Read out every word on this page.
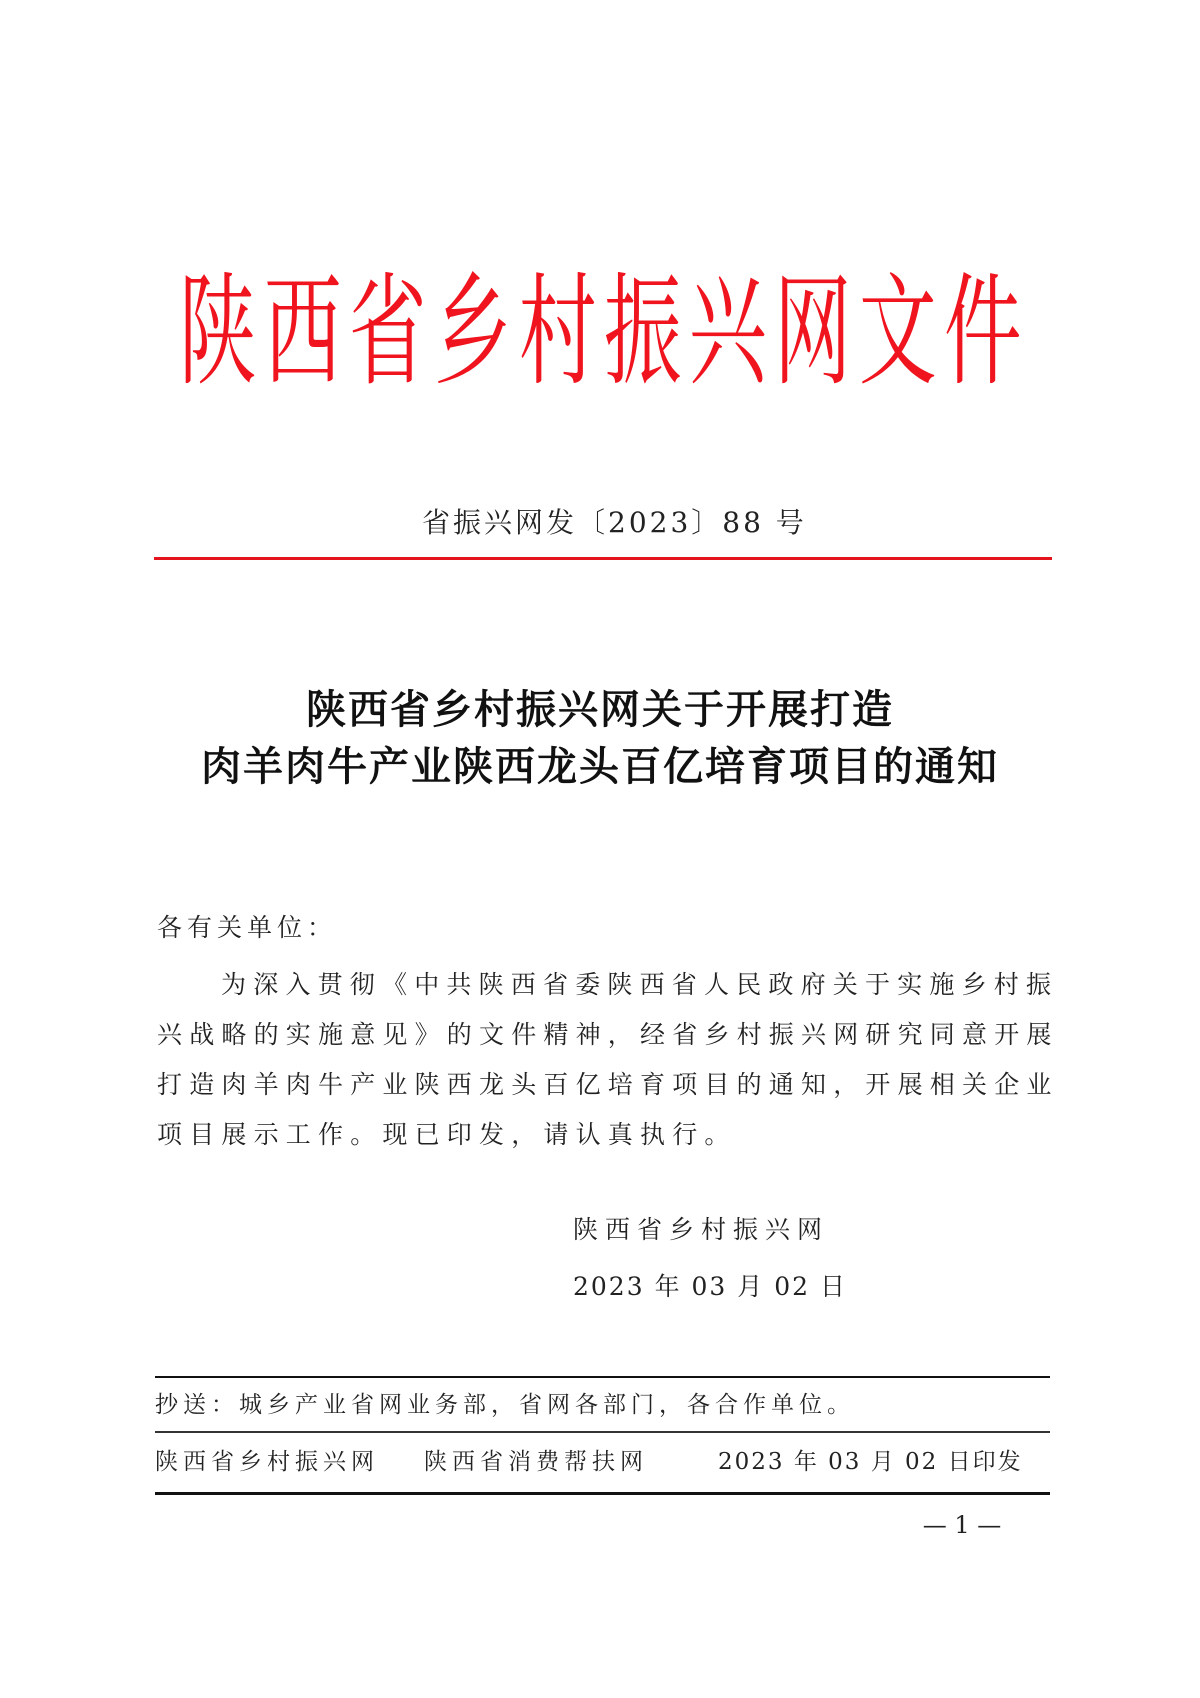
陕 西 省 乡 村 振 兴 网 文 件
省振兴网发〔2023〕88 号
陕西省乡村振兴网关于开展打造
肉羊肉牛产业陕西龙头百亿培育项目的通知
各有关单位：
为深入贯彻《中共陕西省委陕西省人民政府关于实施乡村振
兴战略的实施意见》的文件精神，经省乡村振兴网研究同意开展
打造肉羊肉牛产业陕西龙头百亿培育项目的通知，开展相关企业
项目展示工作。现已印发，请认真执行。
陕西省乡村振兴网
2023 年 03 月 02 日
抄送：城乡产业省网业务部，省网各部门，各合作单位。
陕西省乡村振兴网 陕西省消费帮扶网	2023 年 03 月 02 日印发
— 1 —
